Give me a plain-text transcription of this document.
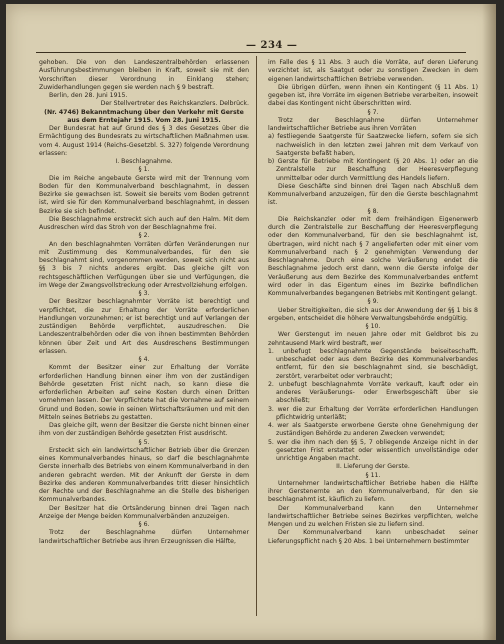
— 234 —

gehoben. Die von den Landeszentralbehörden erlassenen Ausführungsbestimmungen bleiben in Kraft, soweit sie mit den Vorschriften dieser Verordnung in Einklang stehen; Zuwiderhandlungen gegen sie werden nach § 9 bestraft.

Berlin, den 28. Juni 1915.

Der Stellvertreter des Reichskanzlers. Delbrück.

(Nr. 4746) Bekanntmachung über den Verkehr mit Gerste aus dem Erntejahr 1915. Vom 28. Juni 1915.

Der Bundesrat hat auf Grund des § 3 des Gesetzes über die Ermächtigung des Bundesrats zu wirtschaftlichen Maßnahmen usw. vom 4. August 1914 (Reichs-Gesetzbl. S. 327) folgende Verordnung erlassen:

I. Beschlagnahme.

§ 1.

Die im Reiche angebaute Gerste wird mit der Trennung vom Boden für den Kommunalverband beschlagnahmt, in dessen Bezirke sie gewachsen ist. Soweit sie bereits vom Boden getrennt ist, wird sie für den Kommunalverband beschlagnahmt, in dessen Bezirke sie sich befindet.

Die Beschlagnahme erstreckt sich auch auf den Halm. Mit dem Ausdreschen wird das Stroh von der Beschlagnahme frei.

§ 2.

An den beschlagnahmten Vorräten dürfen Veränderungen nur mit Zustimmung des Kommunalverbandes, für den sie beschlagnahmt sind, vorgenommen werden, soweit sich nicht aus §§ 3 bis 7 nichts anderes ergibt. Das gleiche gilt von rechtsgeschäftlichen Verfügungen über sie und Verfügungen, die im Wege der Zwangsvollstreckung oder Arrestvollziehung erfolgen.

§ 3.

Der Besitzer beschlagnahmter Vorräte ist berechtigt und verpflichtet, die zur Erhaltung der Vorräte erforderlichen Handlungen vorzunehmen; er ist berechtigt und auf Verlangen der zuständigen Behörde verpflichtet, auszudreschen. Die Landeszentralbehörden oder die von ihnen bestimmten Behörden können über Zeit und Art des Ausdreschens Bestimmungen erlassen.

§ 4.

Kommt der Besitzer einer zur Erhaltung der Vorräte erforderlichen Handlung binnen einer ihm von der zuständigen Behörde gesetzten Frist nicht nach, so kann diese die erforderlichen Arbeiten auf seine Kosten durch einen Dritten vornehmen lassen. Der Verpflichtete hat die Vornahme auf seinem Grund und Boden, sowie in seinen Wirtschaftsräumen und mit den Mitteln seines Betriebs zu gestatten.

Das gleiche gilt, wenn der Besitzer die Gerste nicht binnen einer ihm von der zuständigen Behörde gesetzten Frist ausdrischt.

§ 5.

Ersteckt sich ein landwirtschaftlicher Betrieb über die Grenzen eines Kommunalverbandes hinaus, so darf die beschlagnahmte Gerste innerhalb des Betriebs von einem Kommunalverband in den anderen gebracht werden. Mit der Ankunft der Gerste in dem Bezirke des anderen Kommunalverbandes tritt dieser hinsichtlich der Rechte und der Beschlagnahme an die Stelle des bisherigen Kommunalverbandes.

Der Besitzer hat die Ortsänderung binnen drei Tagen nach Anzeige der Menge beiden Kommunalverbänden anzuzeigen.

§ 6.

Trotz der Beschlagnahme dürfen Unternehmer landwirtschaftlicher Betriebe aus ihren Erzeugnissen die Hälfte,

im Falle des § 11 Abs. 3 auch die Vorräte, auf deren Lieferung verzichtet ist, als Saatgut oder zu sonstigen Zwecken in dem eigenen landwirtschaftlichen Betriebe verwenden.

Die übrigen dürfen, wenn ihnen ein Kontingent (§ 11 Abs. 1) gegeben ist, ihre Vorräte im eigenen Betriebe verarbeiten, insoweit dabei das Kontingent nicht überschritten wird.

§ 7.

Trotz der Beschlagnahme dürfen Unternehmer landwirtschaftlicher Betriebe aus ihren Vorräten

a) festliegende Saatgerste für Saatzwecke liefern, sofern sie sich nachweislich in den letzten zwei Jahren mit dem Verkauf von Saatgerste befaßt haben,

b) Gerste für Betriebe mit Kontingent (§ 20 Abs. 1) oder an die Zentralstelle zur Beschaffung der Heeresverpflegung unmittelbar oder durch Vermittlung des Handels liefern.

Diese Geschäfte sind binnen drei Tagen nach Abschluß dem Kommunalverband anzuzeigen, für den die Gerste beschlagnahmt ist.

§ 8.

Die Reichskanzler oder mit dem freihändigen Eigenerwerb durch die Zentralstelle zur Beschaffung der Heeresverpflegung oder den Kommunalverband, für den sie beschlagnahmt ist, übertragen, wird nicht nach § 7 angelieferten oder mit einer vom Kommunalverband nach § 2 genehmigten Verwendung der Beschlagnahme. Durch eine solche Veräußerung endet die Beschlagnahme jedoch erst dann, wenn die Gerste infolge der Veräußerung aus dem Bezirke des Kommunalverbandes entfernt wird oder in das Eigentum eines im Bezirke befindlichen Kommunalverbandes begangenen Betriebs mit Kontingent gelangt.

§ 9.

Ueber Streitigkeiten, die sich aus der Anwendung der §§ 1 bis 8 ergeben, entscheidet die höhere Verwaltungsbehörde endgültig.

§ 10.

Wer Gerstengut im neuen Jahre oder mit Geldbrot bis zu zehntausend Mark wird bestraft, wer

1. unbefugt beschlagnahmte Gegenstände beiseiteschafft, unbeschadet oder aus dem Bezirke des Kommunalverbandes entfernt, für den sie beschlagnahmt sind, sie beschädigt, zerstört, verarbeitet oder verbraucht;

2. unbefugt beschlagnahmte Vorräte verkauft, kauft oder ein anderes Veräußerungs- oder Erwerbsgeschäft über sie abschließt;

3. wer die zur Erhaltung der Vorräte erforderlichen Handlungen pflichtwidrig unterläßt;

4. wer als Saatgerste erworbene Gerste ohne Genehmigung der zuständigen Behörde zu anderen Zwecken verwendet;

5. wer die ihm nach den §§ 5, 7 obliegende Anzeige nicht in der gesetzten Frist erstattet oder wissentlich unvollständige oder unrichtige Angaben macht.

II. Lieferung der Gerste.

§ 11.

Unternehmer landwirtschaftlicher Betriebe haben die Hälfte ihrer Gerstenernte an den Kommunalverband, für den sie beschlagnahmt ist, käuflich zu liefern.

Der Kommunalverband kann den Unternehmer landwirtschaftlicher Betriebe seines Bezirkes verpflichten, welche Mengen und zu welchen Fristen sie zu liefern sind.

Der Kommunalverband kann unbeschadet seiner Lieferungspflicht nach § 20 Abs. 1 bei Unternehmern bestimmter
